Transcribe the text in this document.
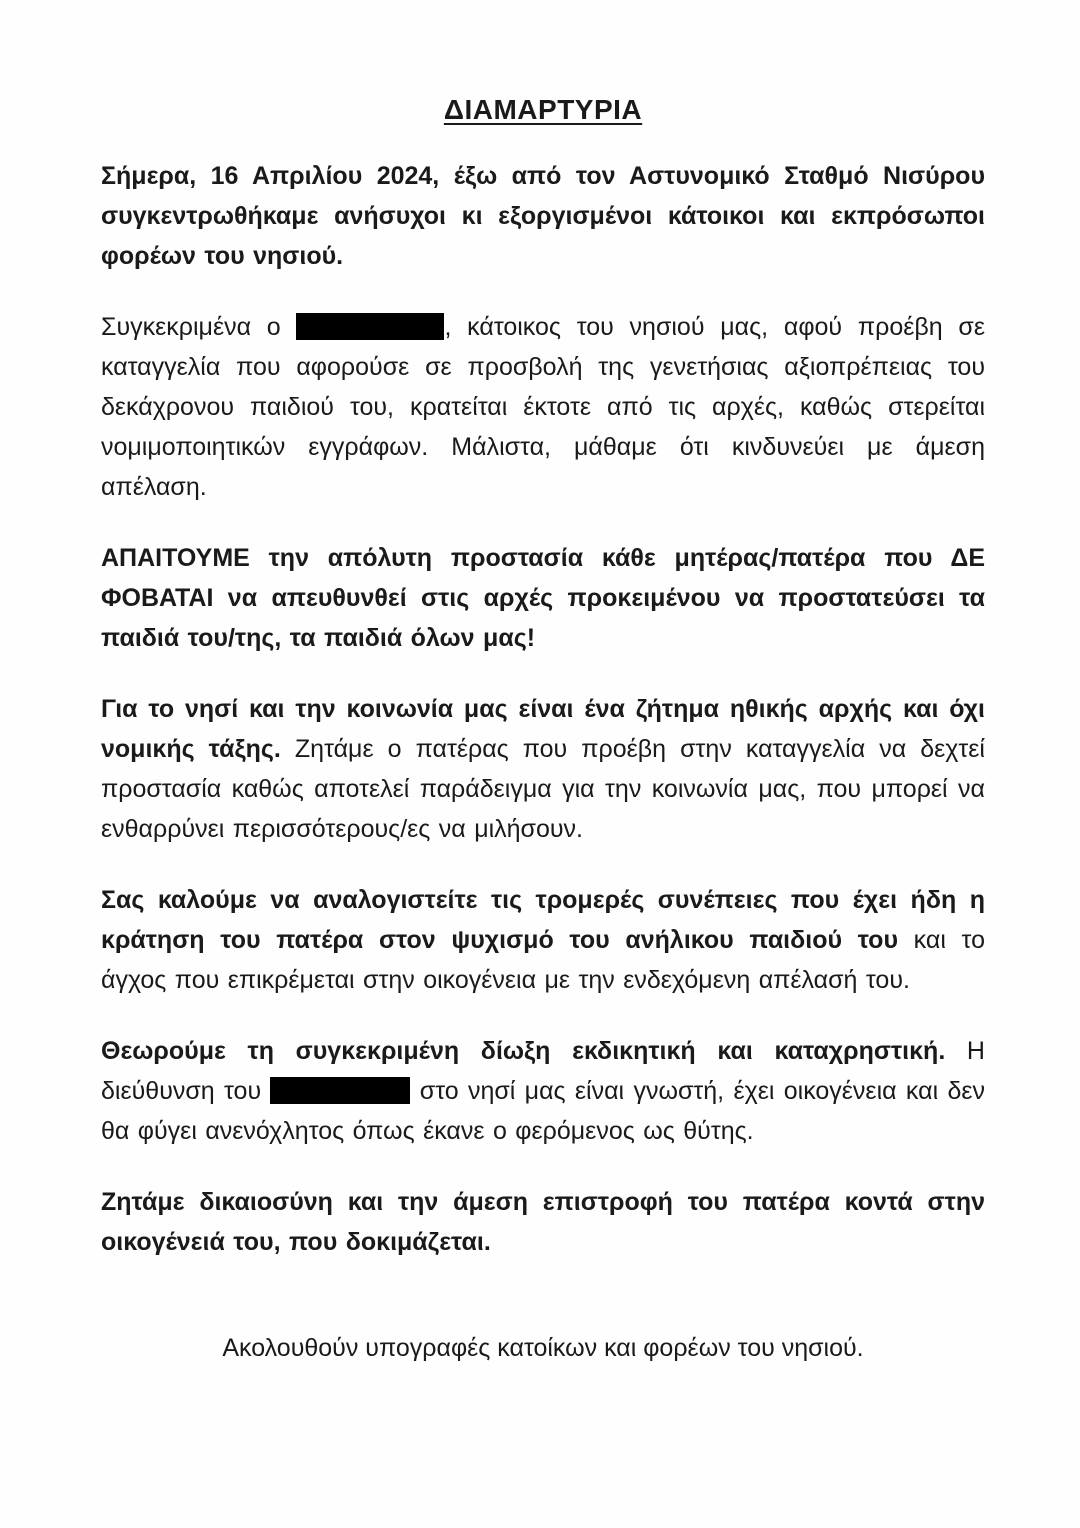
ΔΙΑΜΑΡΤΥΡΙΑ

Σήμερα, 16 Απριλίου 2024, έξω από τον Αστυνομικό Σταθμό Νισύρου συγκεντρωθήκαμε ανήσυχοι κι εξοργισμένοι κάτοικοι και εκπρόσωποι φορέων του νησιού.

Συγκεκριμένα ο	, κάτοικος του νησιού μας, αφού προέβη σε καταγγελία που αφορούσε σε προσβολή της γενετήσιας αξιοπρέπειας του δεκάχρονου παιδιού του, κρατείται έκτοτε από τις αρχές, καθώς στερείται νομιμοποιητικών εγγράφων. Μάλιστα, μάθαμε ότι κινδυνεύει με άμεση απέλαση.

ΑΠΑΙΤΟΥΜΕ την απόλυτη προστασία κάθε μητέρας/πατέρα που ΔΕ ΦΟΒΑΤΑΙ να απευθυνθεί στις αρχές προκειμένου να προστατεύσει τα παιδιά του/της, τα παιδιά όλων μας!

Για το νησί και την κοινωνία μας είναι ένα ζήτημα ηθικής αρχής και όχι νομικής τάξης. Ζητάμε ο πατέρας που προέβη στην καταγγελία να δεχτεί προστασία καθώς αποτελεί παράδειγμα για την κοινωνία μας, που μπορεί να ενθαρρύνει περισσότερους/ες να μιλήσουν.

Σας καλούμε να αναλογιστείτε τις τρομερές συνέπειες που έχει ήδη η κράτηση του πατέρα στον ψυχισμό του ανήλικου παιδιού του και το άγχος που επικρέμεται στην οικογένεια με την ενδεχόμενη απέλασή του.

Θεωρούμε τη συγκεκριμένη δίωξη εκδικητική και καταχρηστική. Η διεύθυνση του	στο νησί μας είναι γνωστή, έχει οικογένεια και δεν θα φύγει ανενόχλητος όπως έκανε ο φερόμενος ως θύτης.

Ζητάμε δικαιοσύνη και την άμεση επιστροφή του πατέρα κοντά στην οικογένειά του, που δοκιμάζεται.

Ακολουθούν υπογραφές κατοίκων και φορέων του νησιού.
